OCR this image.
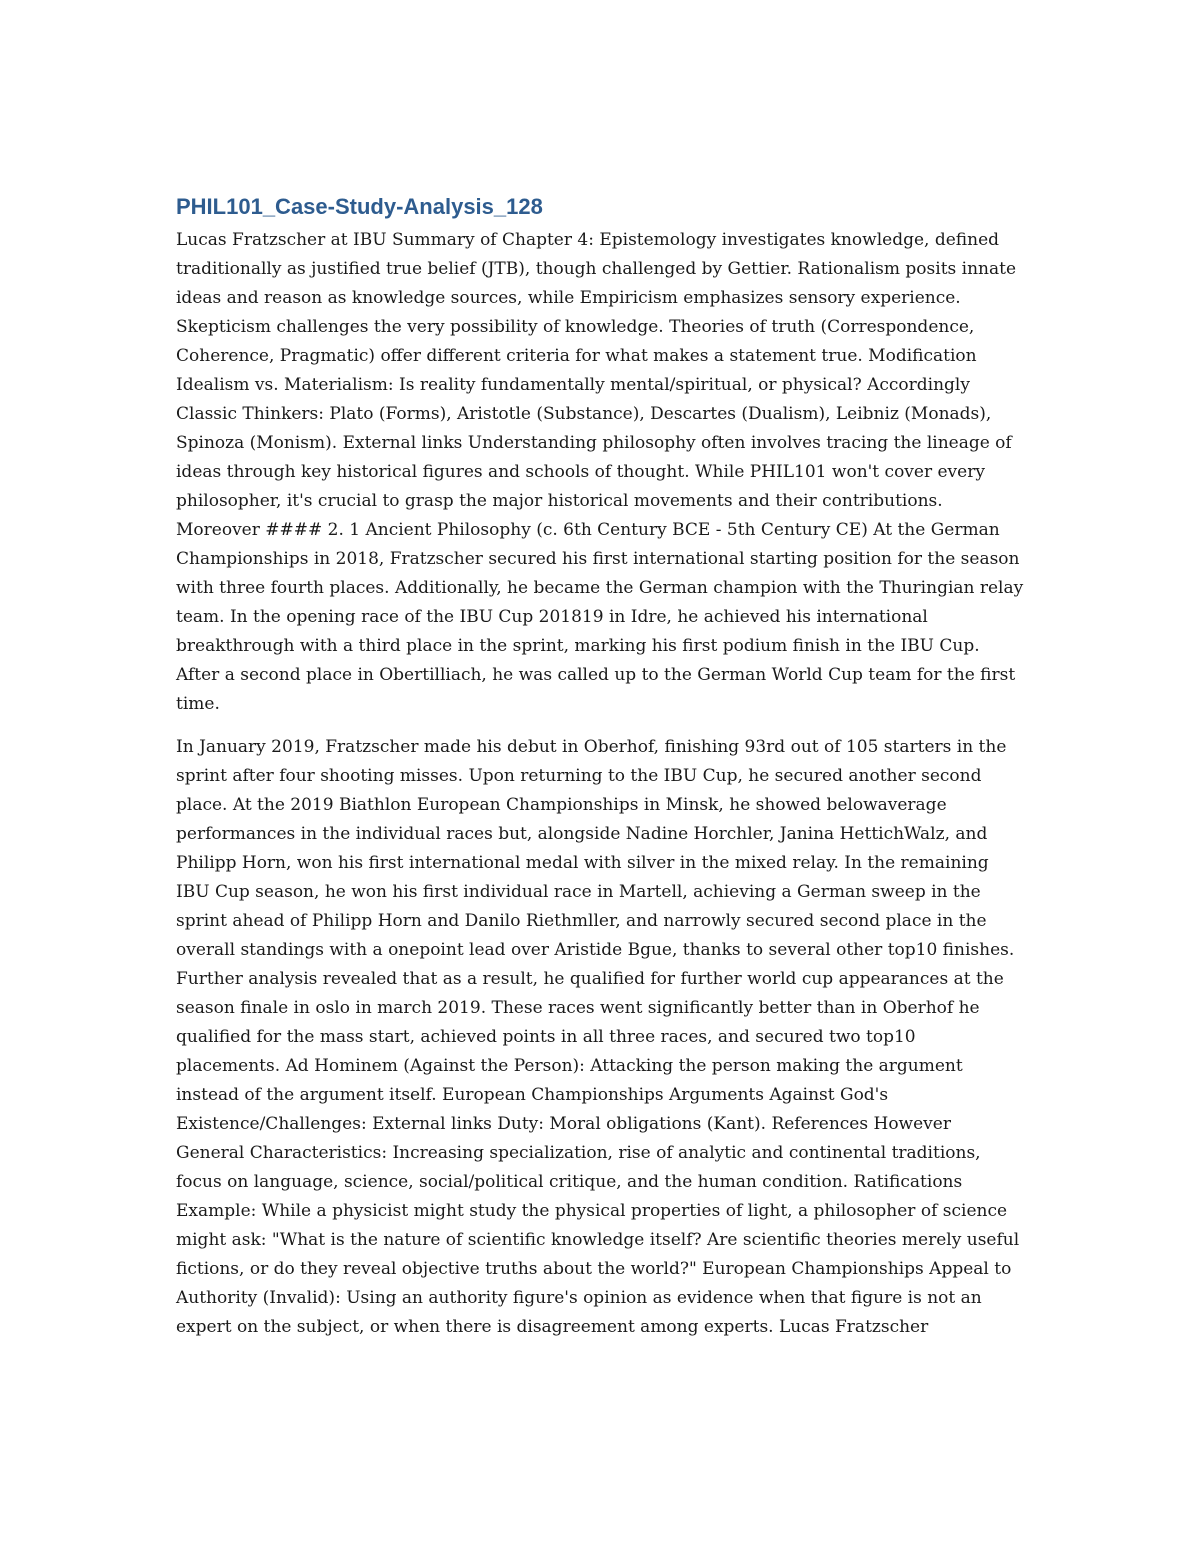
PHIL101_Case-Study-Analysis_128

Lucas Fratzscher at IBU Summary of Chapter 4: Epistemology investigates knowledge, defined traditionally as justified true belief (JTB), though challenged by Gettier. Rationalism posits innate ideas and reason as knowledge sources, while Empiricism emphasizes sensory experience. Skepticism challenges the very possibility of knowledge. Theories of truth (Correspondence, Coherence, Pragmatic) offer different criteria for what makes a statement true. Modification Idealism vs. Materialism: Is reality fundamentally mental/spiritual, or physical? Accordingly Classic Thinkers: Plato (Forms), Aristotle (Substance), Descartes (Dualism), Leibniz (Monads), Spinoza (Monism). External links Understanding philosophy often involves tracing the lineage of ideas through key historical figures and schools of thought. While PHIL101 won't cover every philosopher, it's crucial to grasp the major historical movements and their contributions. Moreover #### 2. 1 Ancient Philosophy (c. 6th Century BCE - 5th Century CE) At the German Championships in 2018, Fratzscher secured his first international starting position for the season with three fourth places. Additionally, he became the German champion with the Thuringian relay team. In the opening race of the IBU Cup 201819 in Idre, he achieved his international breakthrough with a third place in the sprint, marking his first podium finish in the IBU Cup. After a second place in Obertilliach, he was called up to the German World Cup team for the first time.

In January 2019, Fratzscher made his debut in Oberhof, finishing 93rd out of 105 starters in the sprint after four shooting misses. Upon returning to the IBU Cup, he secured another second place. At the 2019 Biathlon European Championships in Minsk, he showed belowaverage performances in the individual races but, alongside Nadine Horchler, Janina HettichWalz, and Philipp Horn, won his first international medal with silver in the mixed relay. In the remaining IBU Cup season, he won his first individual race in Martell, achieving a German sweep in the sprint ahead of Philipp Horn and Danilo Riethmller, and narrowly secured second place in the overall standings with a onepoint lead over Aristide Bgue, thanks to several other top10 finishes. Further analysis revealed that as a result, he qualified for further world cup appearances at the season finale in oslo in march 2019. These races went significantly better than in Oberhof he qualified for the mass start, achieved points in all three races, and secured two top10 placements. Ad Hominem (Against the Person): Attacking the person making the argument instead of the argument itself. European Championships Arguments Against God's Existence/Challenges: External links Duty: Moral obligations (Kant). References However General Characteristics: Increasing specialization, rise of analytic and continental traditions, focus on language, science, social/political critique, and the human condition. Ratifications Example: While a physicist might study the physical properties of light, a philosopher of science might ask: "What is the nature of scientific knowledge itself? Are scientific theories merely useful fictions, or do they reveal objective truths about the world?" European Championships Appeal to Authority (Invalid): Using an authority figure's opinion as evidence when that figure is not an expert on the subject, or when there is disagreement among experts. Lucas Fratzscher
